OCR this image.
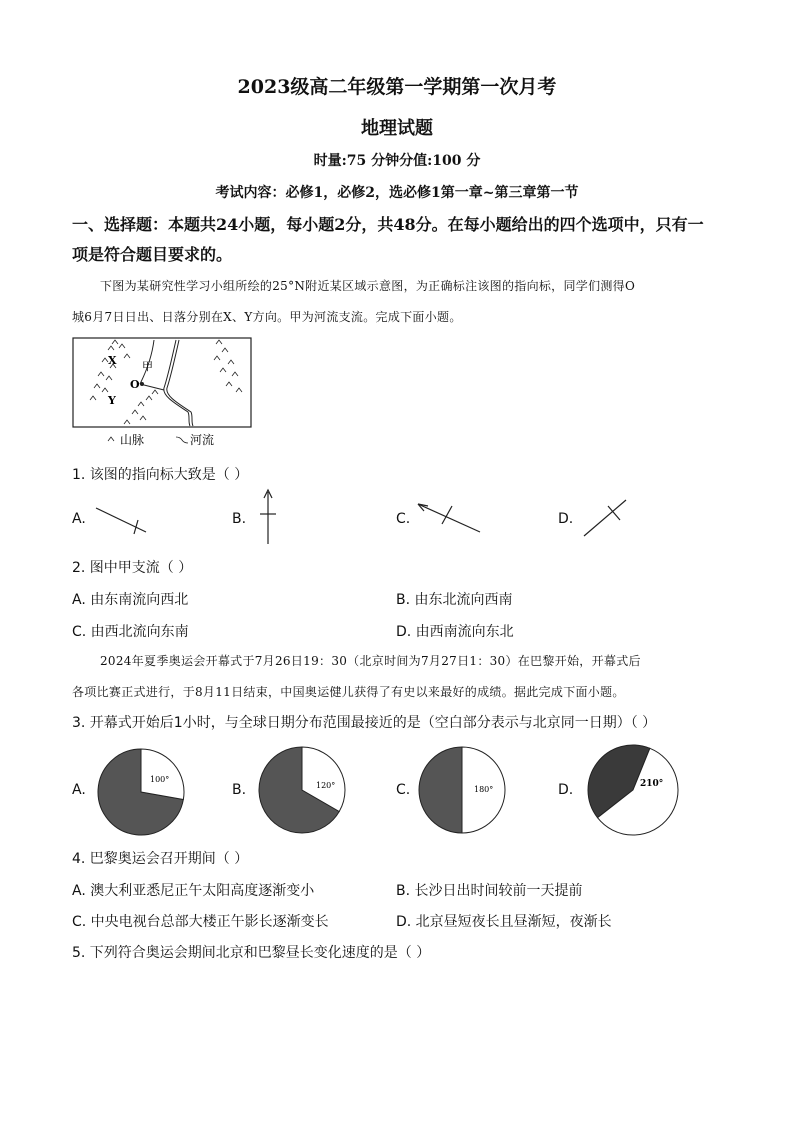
2023级高二年级第一学期第一次月考
地理试题
时量:75 分钟分值:100 分
考试内容：必修1，必修2，选必修1第一章~第三章第一节
一、选择题：本题共24小题，每小题2分，共48分。在每小题给出的四个选项中，只有一
项是符合题目要求的。
下图为某研究性学习小组所绘的25°N附近某区域示意图，为正确标注该图的指向标，同学们测得O
城6月7日日出、日落分别在X、Y方向。甲为河流支流。完成下面小题。
X 甲
O
Y
山脉	河流
1. 该图的指向标大致是（ ）
A.	B.	C.	D.
2. 图中甲支流（ ）
A. 由东南流向西北	B. 由东北流向西南
C. 由西北流向东南	D. 由西南流向东北
2024年夏季奥运会开幕式于7月26日19：30（北京时间为7月27日1：30）在巴黎开始，开幕式后
各项比赛正式进行，于8月11日结束，中国奥运健儿获得了有史以来最好的成绩。据此完成下面小题。
3. 开幕式开始后1小时，与全球日期分布范围最接近的是（空白部分表示与北京同一日期）（ ）
A.
100°
B.	120°	C.	180°	D.	210°
4. 巴黎奥运会召开期间（ ）
A. 澳大利亚悉尼正午太阳高度逐渐变小	B. 长沙日出时间较前一天提前
C. 中央电视台总部大楼正午影长逐渐变长	D. 北京昼短夜长且昼渐短，夜渐长
5. 下列符合奥运会期间北京和巴黎昼长变化速度的是（ ）
